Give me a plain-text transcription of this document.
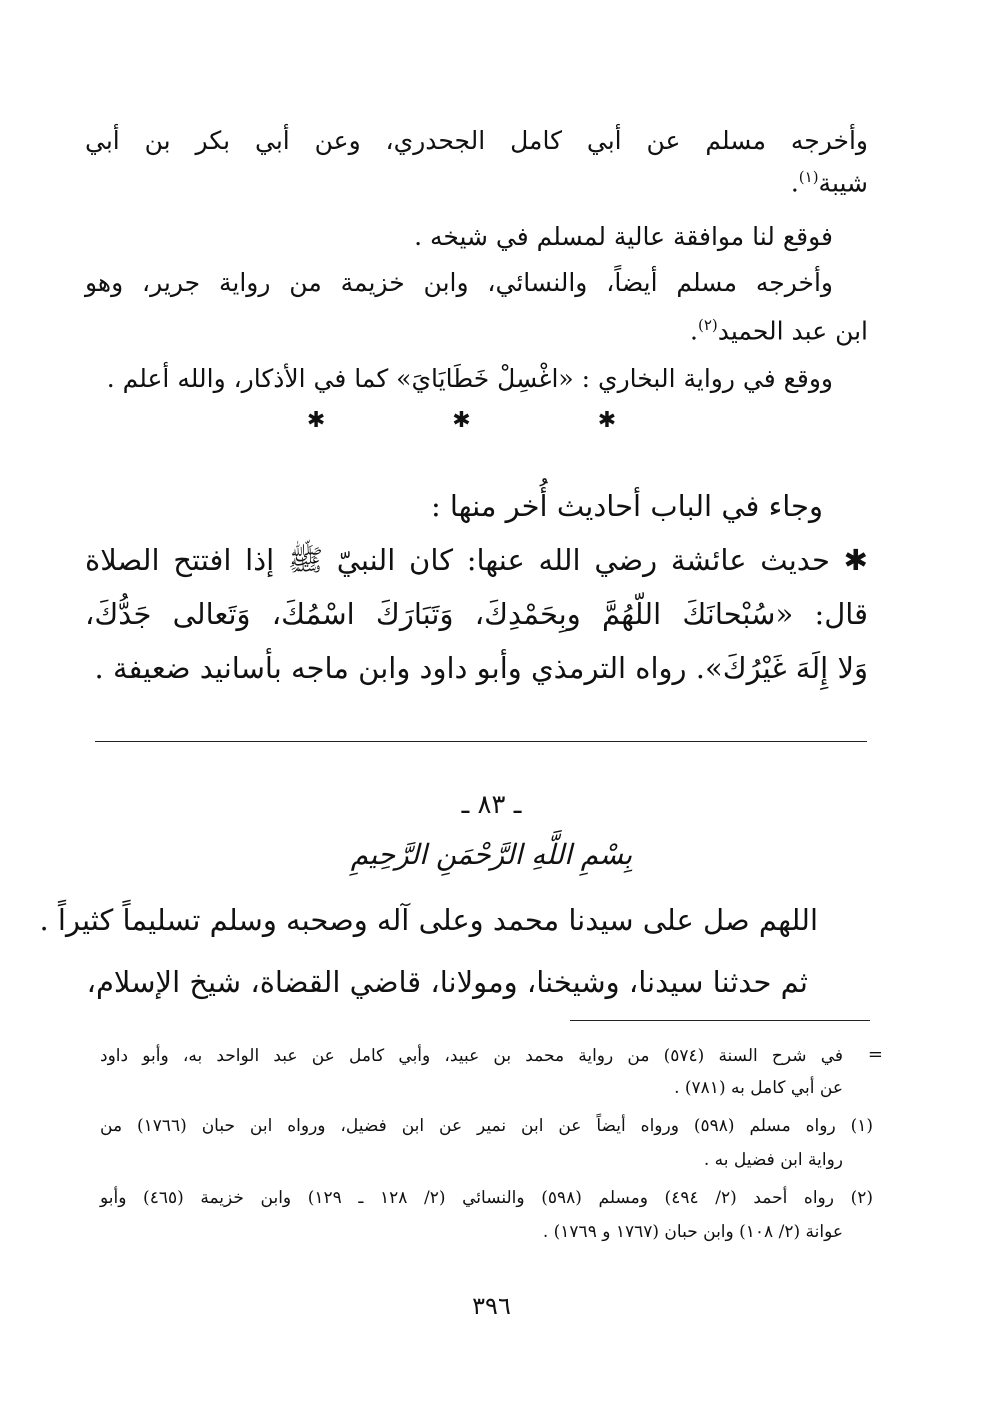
وأخرجه مسلم عن أبي كامل الجحدري، وعن أبي بكر بن أبي
شيبة$^{(١)}$.
فوقع لنا موافقة عالية لمسلم في شيخه .
وأخرجه مسلم أيضاً، والنسائي، وابن خزيمة من رواية جرير، وهو
ابن عبد الحميد$^{(٢)}$.
ووقع في رواية البخاري : «اغْسِلْ خَطَايَايَ» كما في الأذكار، والله أعلم .
✱ ✱ ✱
وجاء في الباب أحاديث أُخر منها :
✱ حديث عائشة رضي الله عنها: كان النبيّ ﷺ إذا افتتح الصلاة
قال: «سُبْحانَكَ اللّهُمَّ وبِحَمْدِكَ، وَتَبَارَكَ اسْمُكَ، وَتَعالى جَدُّكَ،
وَلا إِلَهَ غَيْرُكَ». رواه الترمذي وأبو داود وابن ماجه بأسانيد ضعيفة .
ـ ٨٣ ـ
بِسْمِ اللَّهِ الرَّحْمَنِ الرَّحِيمِ
اللهم صل على سيدنا محمد وعلى آله وصحبه وسلم تسليماً كثيراً .
ثم حدثنا سيدنا، وشيخنا، ومولانا، قاضي القضاة، شيخ الإسلام،
=
في شرح السنة (٥٧٤) من رواية محمد بن عبيد، وأبي كامل عن عبد الواحد به، وأبو داود
عن أبي كامل به (٧٨١) .
(١) رواه مسلم (٥٩٨) ورواه أيضاً عن ابن نمير عن ابن فضيل، ورواه ابن حبان (١٧٦٦) من
رواية ابن فضيل به .
(٢) رواه أحمد (٢/ ٤٩٤) ومسلم (٥٩٨) والنسائي (٢/ ١٢٨ ـ ١٢٩) وابن خزيمة (٤٦٥) وأبو
عوانة (٢/ ١٠٨) وابن حبان (١٧٦٧ و ١٧٦٩) .
٣٩٦
